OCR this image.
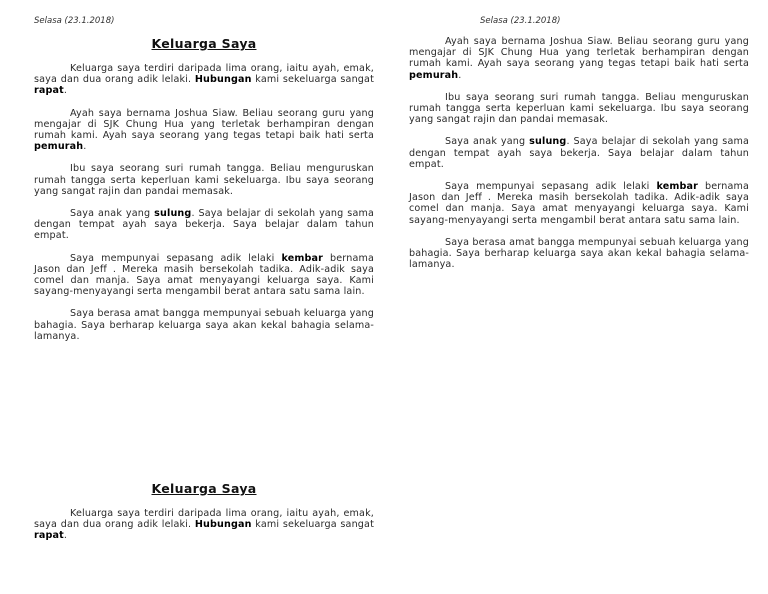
Selasa (23.1.2018)	Selasa (23.1.2018)
Keluarga Saya

Keluarga saya terdiri daripada lima orang, iaitu ayah, emak, saya dan dua orang adik lelaki. Hubungan kami sekeluarga sangat rapat.

Ayah saya bernama Joshua Siaw. Beliau seorang guru yang mengajar di SJK Chung Hua yang terletak berhampiran dengan rumah kami. Ayah saya seorang yang tegas tetapi baik hati serta pemurah.

Ibu saya seorang suri rumah tangga. Beliau menguruskan rumah tangga serta keperluan kami sekeluarga. Ibu saya seorang yang sangat rajin dan pandai memasak.

Saya anak yang sulung. Saya belajar di sekolah yang sama dengan tempat ayah saya bekerja. Saya belajar dalam tahun empat.

Saya mempunyai sepasang adik lelaki kembar bernama Jason dan Jeff . Mereka masih bersekolah tadika. Adik-adik saya comel dan manja. Saya amat menyayangi keluarga saya. Kami sayang-menyayangi serta mengambil berat antara satu sama lain.

Saya berasa amat bangga mempunyai sebuah keluarga yang bahagia. Saya berharap keluarga saya akan kekal bahagia selama-lamanya.

Ayah saya bernama Joshua Siaw. Beliau seorang guru yang mengajar di SJK Chung Hua yang terletak berhampiran dengan rumah kami. Ayah saya seorang yang tegas tetapi baik hati serta pemurah.

Ibu saya seorang suri rumah tangga. Beliau menguruskan rumah tangga serta keperluan kami sekeluarga. Ibu saya seorang yang sangat rajin dan pandai memasak.

Saya anak yang sulung. Saya belajar di sekolah yang sama dengan tempat ayah saya bekerja. Saya belajar dalam tahun empat.

Saya mempunyai sepasang adik lelaki kembar bernama Jason dan Jeff . Mereka masih bersekolah tadika. Adik-adik saya comel dan manja. Saya amat menyayangi keluarga saya. Kami sayang-menyayangi serta mengambil berat antara satu sama lain.

Saya berasa amat bangga mempunyai sebuah keluarga yang bahagia. Saya berharap keluarga saya akan kekal bahagia selama-lamanya.

Keluarga Saya

Keluarga saya terdiri daripada lima orang, iaitu ayah, emak, saya dan dua orang adik lelaki. Hubungan kami sekeluarga sangat rapat.
